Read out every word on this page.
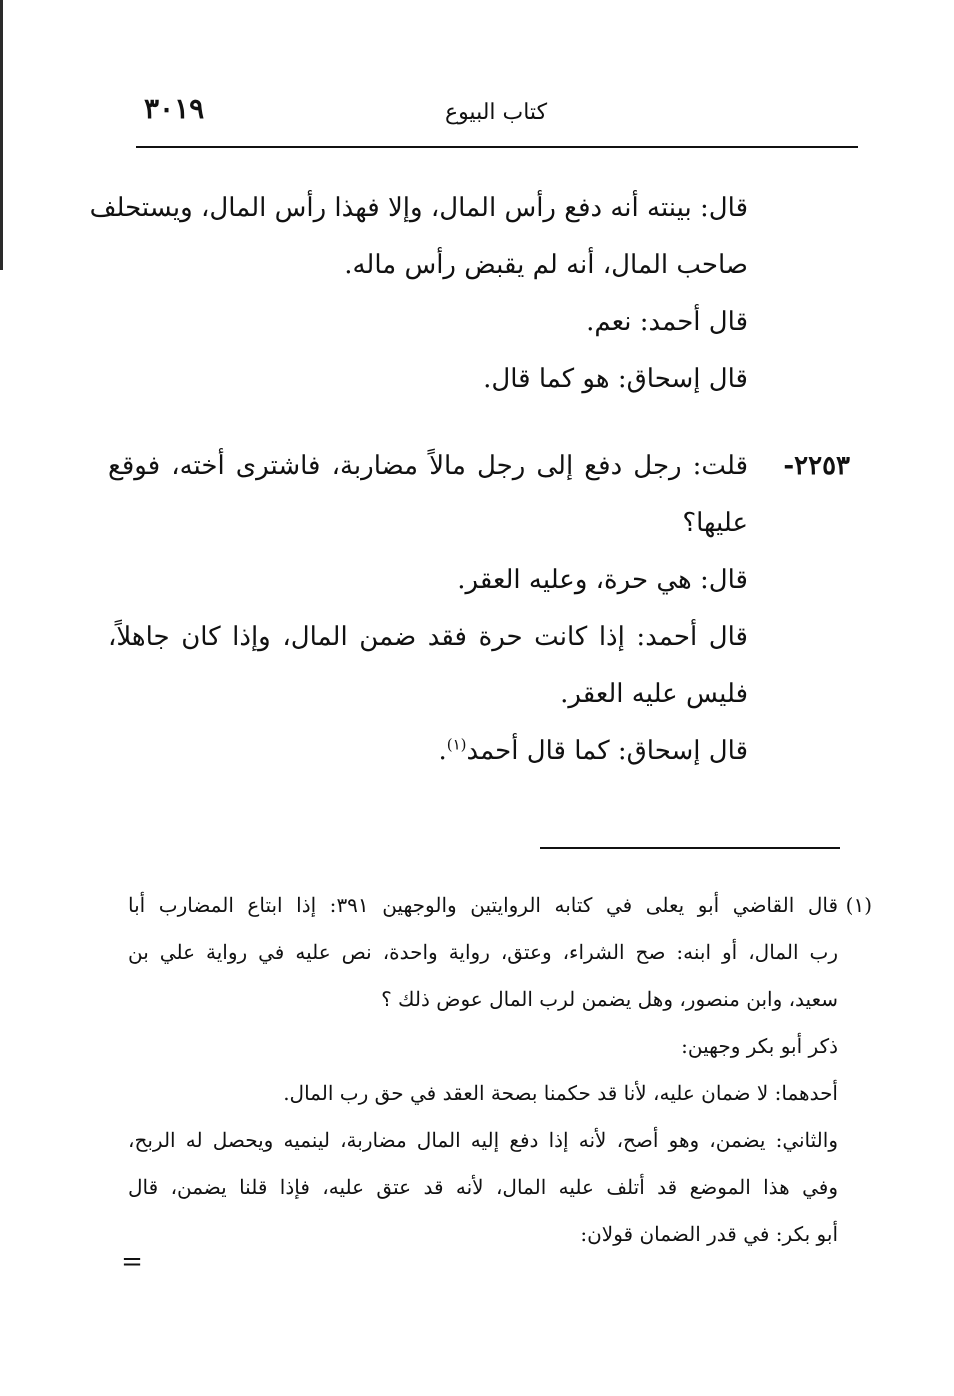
٣٠١٩	كتاب البيوع
قال: بينته أنه دفع رأس المال، وإلا فهذا رأس المال، ويستحلف
صاحب المال، أنه لم يقبض رأس ماله.
قال أحمد: نعم.
قال إسحاق: هو كما قال.
٢٢٥٣-
قلت: رجل دفع إلى رجل مالاً مضاربة، فاشترى أخته، فوقع
عليها؟
قال: هي حرة، وعليه العقر.
قال أحمد: إذا كانت حرة فقد ضمن المال، وإذا كان جاهلاً،
فليس عليه العقر.
قال إسحاق: كما قال أحمد$^{(١)}$.
(١)
قال القاضي أبو يعلى في كتابه الروايتين والوجهين ٣٩١: إذا ابتاع المضارب أبا
رب المال، أو ابنه: صح الشراء، وعتق، رواية واحدة، نص عليه في رواية علي بن
سعيد، وابن منصور، وهل يضمن لرب المال عوض ذلك ؟
ذكر أبو بكر وجهين:
أحدهما: لا ضمان عليه، لأنا قد حكمنا بصحة العقد في حق رب المال.
والثاني: يضمن، وهو أصح، لأنه إذا دفع إليه المال مضاربة، لينميه ويحصل له الربح،
وفي هذا الموضع قد أتلف عليه المال، لأنه قد عتق عليه، فإذا قلنا يضمن، قال
أبو بكر: في قدر الضمان قولان:
=
